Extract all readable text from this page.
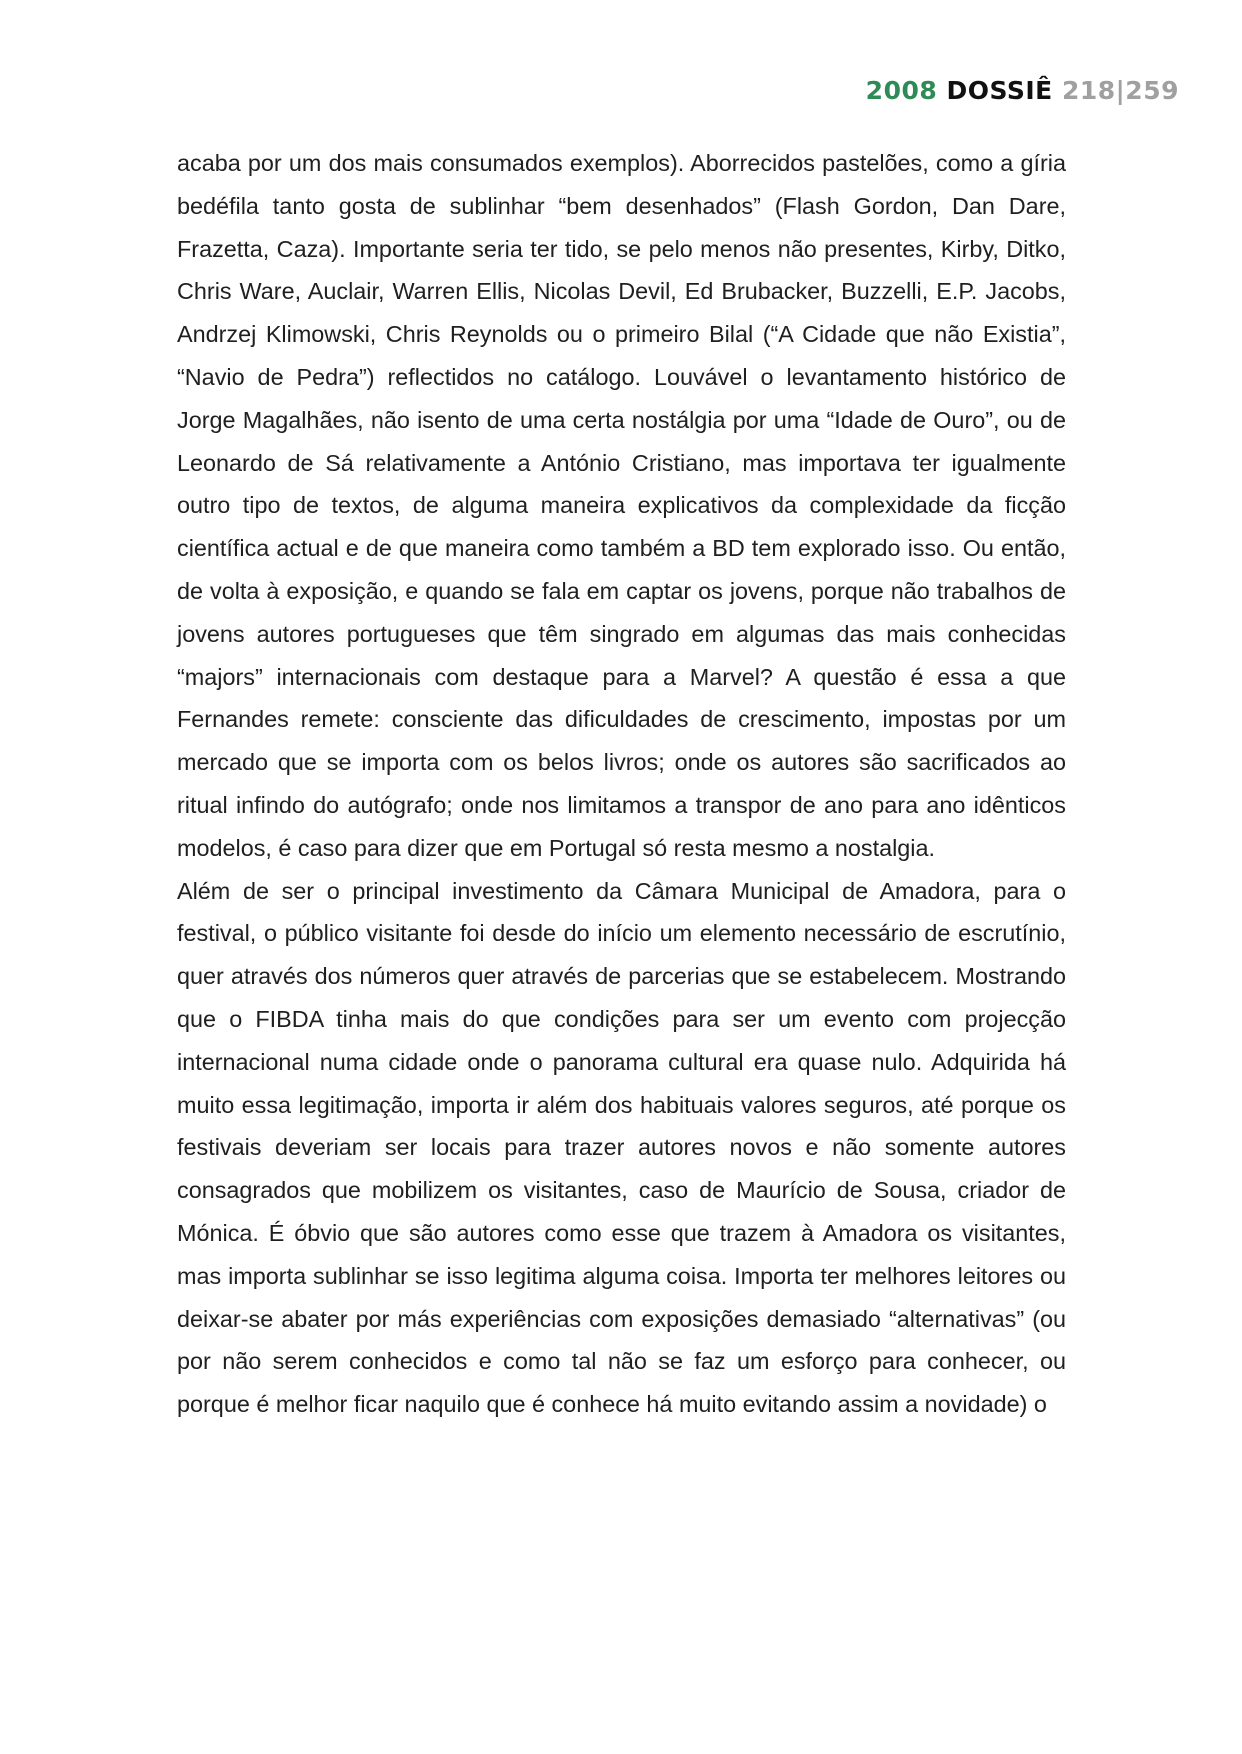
2008 DOSSIÊ 218|259

acaba por um dos mais consumados exemplos). Aborrecidos pastelões, como a gíria bedéfila tanto gosta de sublinhar “bem desenhados” (Flash Gordon, Dan Dare, Frazetta, Caza). Importante seria ter tido, se pelo menos não presentes, Kirby, Ditko, Chris Ware, Auclair, Warren Ellis, Nicolas Devil, Ed Brubacker, Buzzelli, E.P. Jacobs, Andrzej Klimowski, Chris Reynolds ou o primeiro Bilal (“A Cidade que não Existia”, “Navio de Pedra”) reflectidos no catálogo. Louvável o levantamento histórico de Jorge Magalhães, não isento de uma certa nostálgia por uma “Idade de Ouro”, ou de Leonardo de Sá relativamente a António Cristiano, mas importava ter igualmente outro tipo de textos, de alguma maneira explicativos da complexidade da ficção científica actual e de que maneira como também a BD tem explorado isso. Ou então, de volta à exposição, e quando se fala em captar os jovens, porque não trabalhos de jovens autores portugueses que têm singrado em algumas das mais conhecidas “majors” internacionais com destaque para a Marvel? A questão é essa a que Fernandes remete: consciente das dificuldades de crescimento, impostas por um mercado que se importa com os belos livros; onde os autores são sacrificados ao ritual infindo do autógrafo; onde nos limitamos a transpor de ano para ano idênticos modelos, é caso para dizer que em Portugal só resta mesmo a nostalgia.

Além de ser o principal investimento da Câmara Municipal de Amadora, para o festival, o público visitante foi desde do início um elemento necessário de escrutínio, quer através dos números quer através de parcerias que se estabelecem. Mostrando que o FIBDA tinha mais do que condições para ser um evento com projecção internacional numa cidade onde o panorama cultural era quase nulo. Adquirida há muito essa legitimação, importa ir além dos habituais valores seguros, até porque os festivais deveriam ser locais para trazer autores novos e não somente autores consagrados que mobilizem os visitantes, caso de Maurício de Sousa, criador de Mónica. É óbvio que são autores como esse que trazem à Amadora os visitantes, mas importa sublinhar se isso legitima alguma coisa. Importa ter melhores leitores ou deixar-se abater por más experiências com exposições demasiado “alternativas” (ou por não serem conhecidos e como tal não se faz um esforço para conhecer, ou porque é melhor ficar naquilo que é conhece há muito evitando assim a novidade) o
